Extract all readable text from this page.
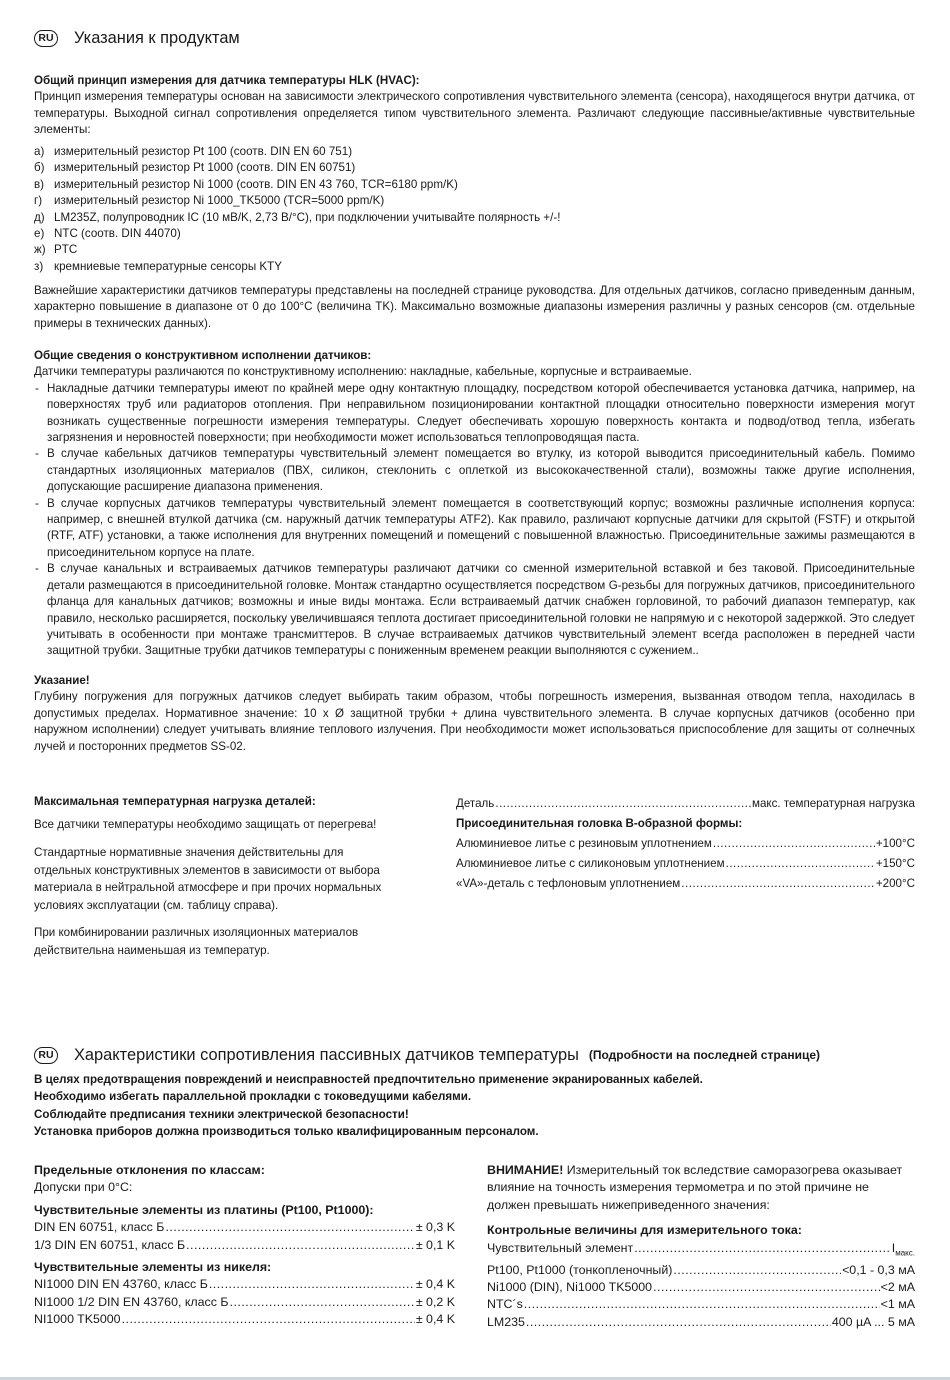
RU Указания к продуктам

Общий принцип измерения для датчика температуры HLK (HVAC):

Принцип измерения температуры основан на зависимости электрического сопротивления чувствительного элемента (сенсора), находящегося внутри датчика, от температуры. Выходной сигнал сопротивления определяется типом чувствительного элемента. Различают следующие пассивные/активные чувствительные элементы:

а) измерительный резистор Pt 100 (соотв. DIN EN 60 751)
б) измерительный резистор Pt 1000 (соотв. DIN EN 60751)
в) измерительный резистор Ni 1000 (соотв. DIN EN 43 760, TCR=6180 ppm/K)
г) измерительный резистор Ni 1000_TK5000 (TCR=5000 ppm/K)
д) LM235Z, полупроводник IC (10 мВ/K, 2,73 В/°C), при подключении учитывайте полярность +/-!
е) NTC (соотв. DIN 44070)
ж) PTC
з) кремниевые температурные сенсоры KTY

Важнейшие характеристики датчиков температуры представлены на последней странице руководства. Для отдельных датчиков, согласно приведенным данным, характерно повышение в диапазоне от 0 до 100°C (величина TK). Максимально возможные диапазоны измерения различны у разных сенсоров (см. отдельные примеры в технических данных).

Общие сведения о конструктивном исполнении датчиков:

Датчики температуры различаются по конструктивному исполнению: накладные, кабельные, корпусные и встраиваемые.

- Накладные датчики температуры имеют по крайней мере одну контактную площадку, посредством которой обеспечивается установка датчика, например, на поверхностях труб или радиаторов отопления. При неправильном позиционировании контактной площадки относительно поверхности измерения могут возникать существенные погрешности измерения температуры. Следует обеспечивать хорошую поверхность контакта и подвод/отвод тепла, избегать загрязнения и неровностей поверхности; при необходимости может использоваться теплопроводящая паста.
- В случае кабельных датчиков температуры чувствительный элемент помещается во втулку, из которой выводится присоединительный кабель. Помимо стандартных изоляционных материалов (ПВХ, силикон, стеклонить с оплеткой из высококачественной стали), возможны также другие исполнения, допускающие расширение диапазона применения.
- В случае корпусных датчиков температуры чувствительный элемент помещается в соответствующий корпус; возможны различные исполнения корпуса: например, с внешней втулкой датчика (см. наружный датчик температуры ATF2). Как правило, различают корпусные датчики для скрытой (FSTF) и открытой (RTF, ATF) установки, а также исполнения для внутренних помещений и помещений с повышенной влажностью. Присоединительные зажимы размещаются в присоединительном корпусе на плате.
- В случае канальных и встраиваемых датчиков температуры различают датчики со сменной измерительной вставкой и без таковой. Присоединительные детали размещаются в присоединительной головке. Монтаж стандартно осуществляется посредством G-резьбы для погружных датчиков, присоединительного фланца для канальных датчиков; возможны и иные виды монтажа. Если встраиваемый датчик снабжен горловиной, то рабочий диапазон температур, как правило, несколько расширяется, поскольку увеличившаяся теплота достигает присоединительной головки не напрямую и с некоторой задержкой. Это следует учитывать в особенности при монтаже трансмиттеров. В случае встраиваемых датчиков чувствительный элемент всегда расположен в передней части защитной трубки. Защитные трубки датчиков температуры с пониженным временем реакции выполняются с сужением..

Указание!

Глубину погружения для погружных датчиков следует выбирать таким образом, чтобы погрешность измерения, вызванная отводом тепла, находилась в допустимых пределах. Нормативное значение: 10 x Ø защитной трубки + длина чувствительного элемента. В случае корпусных датчиков (особенно при наружном исполнении) следует учитывать влияние теплового излучения. При необходимости может использоваться приспособление для защиты от солнечных лучей и посторонних предметов SS-02.

Максимальная температурная нагрузка деталей:

Все датчики температуры необходимо защищать от перегрева!

Стандартные нормативные значения действительны для отдельных конструктивных элементов в зависимости от выбора материала в нейтральной атмосфере и при прочих нормальных условиях эксплуатации (см. таблицу справа).

При комбинировании различных изоляционных материалов действительна наименьшая из температур.

Деталь .....	макс. температурная нагрузка
Присоединительная головка B-образной формы:
Алюминиевое литье с резиновым уплотнением .....	+100°C
Алюминиевое литье с силиконовым уплотнением .....	+150°C
«VA»-деталь с тефлоновым уплотнением .....	+200°C
RU Характеристики сопротивления пассивных датчиков температуры (Подробности на последней странице)
В целях предотвращения повреждений и неисправностей предпочтительно применение экранированных кабелей.
Необходимо избегать параллельной прокладки с токоведущими кабелями.
Соблюдайте предписания техники электрической безопасности!
Установка приборов должна производиться только квалифицированным персоналом.
Предельные отклонения по классам:
Допуски при 0°C:
Чувствительные элементы из платины (Pt100, Pt1000):
DIN EN 60751, класс Б .....	± 0,3 K
1/3 DIN EN 60751, класс Б .....	± 0,1 K
Чувствительные элементы из никеля:
NI1000 DIN EN 43760, класс Б .....	± 0,4 K
NI1000 1/2 DIN EN 43760, класс Б .....	± 0,2 K
NI1000 TK5000 .....	± 0,4 K

ВНИМАНИЕ! Измерительный ток вследствие саморазогрева оказывает влияние на точность измерения термометра и по этой причине не должен превышать нижеприведенного значения:

Контрольные величины для измерительного тока:
Чувствительный элемент .....	$I_{макс.}$
Pt100, Pt1000 (тонкопленочный) .....	<0,1 - 0,3 мА
Ni1000 (DIN), Ni1000 TK5000 .....	<2 мА
NTC´s .....	<1 мА
LM235 .....	400 µA ... 5 мА
